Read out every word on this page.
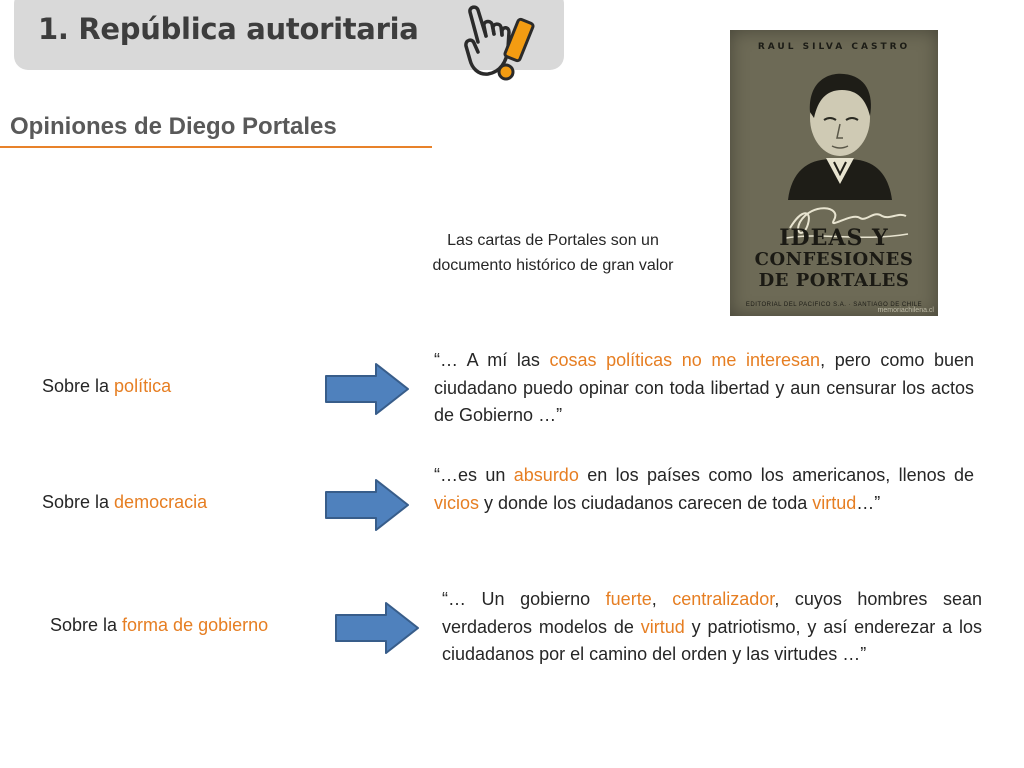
1. República autoritaria
Opiniones de Diego Portales
RAUL SILVA CASTRO
IDEAS Y
CONFESIONES
DE PORTALES
EDITORIAL DEL PACIFICO S.A. · SANTIAGO DE CHILE
memoriachilena.cl
Las cartas de Portales son un
documento histórico de gran valor
Sobre la política
“… A mí las cosas políticas no me interesan, pero como buen ciudadano puedo opinar con toda libertad y aun censurar los actos de Gobierno …”
Sobre la democracia
“…es un absurdo en los países como los americanos, llenos de vicios y donde los ciudadanos carecen de toda virtud…”
Sobre la forma de gobierno
“… Un gobierno fuerte, centralizador, cuyos hombres sean verdaderos modelos de virtud y patriotismo, y así enderezar a los ciudadanos por el camino del orden y las virtudes …”
